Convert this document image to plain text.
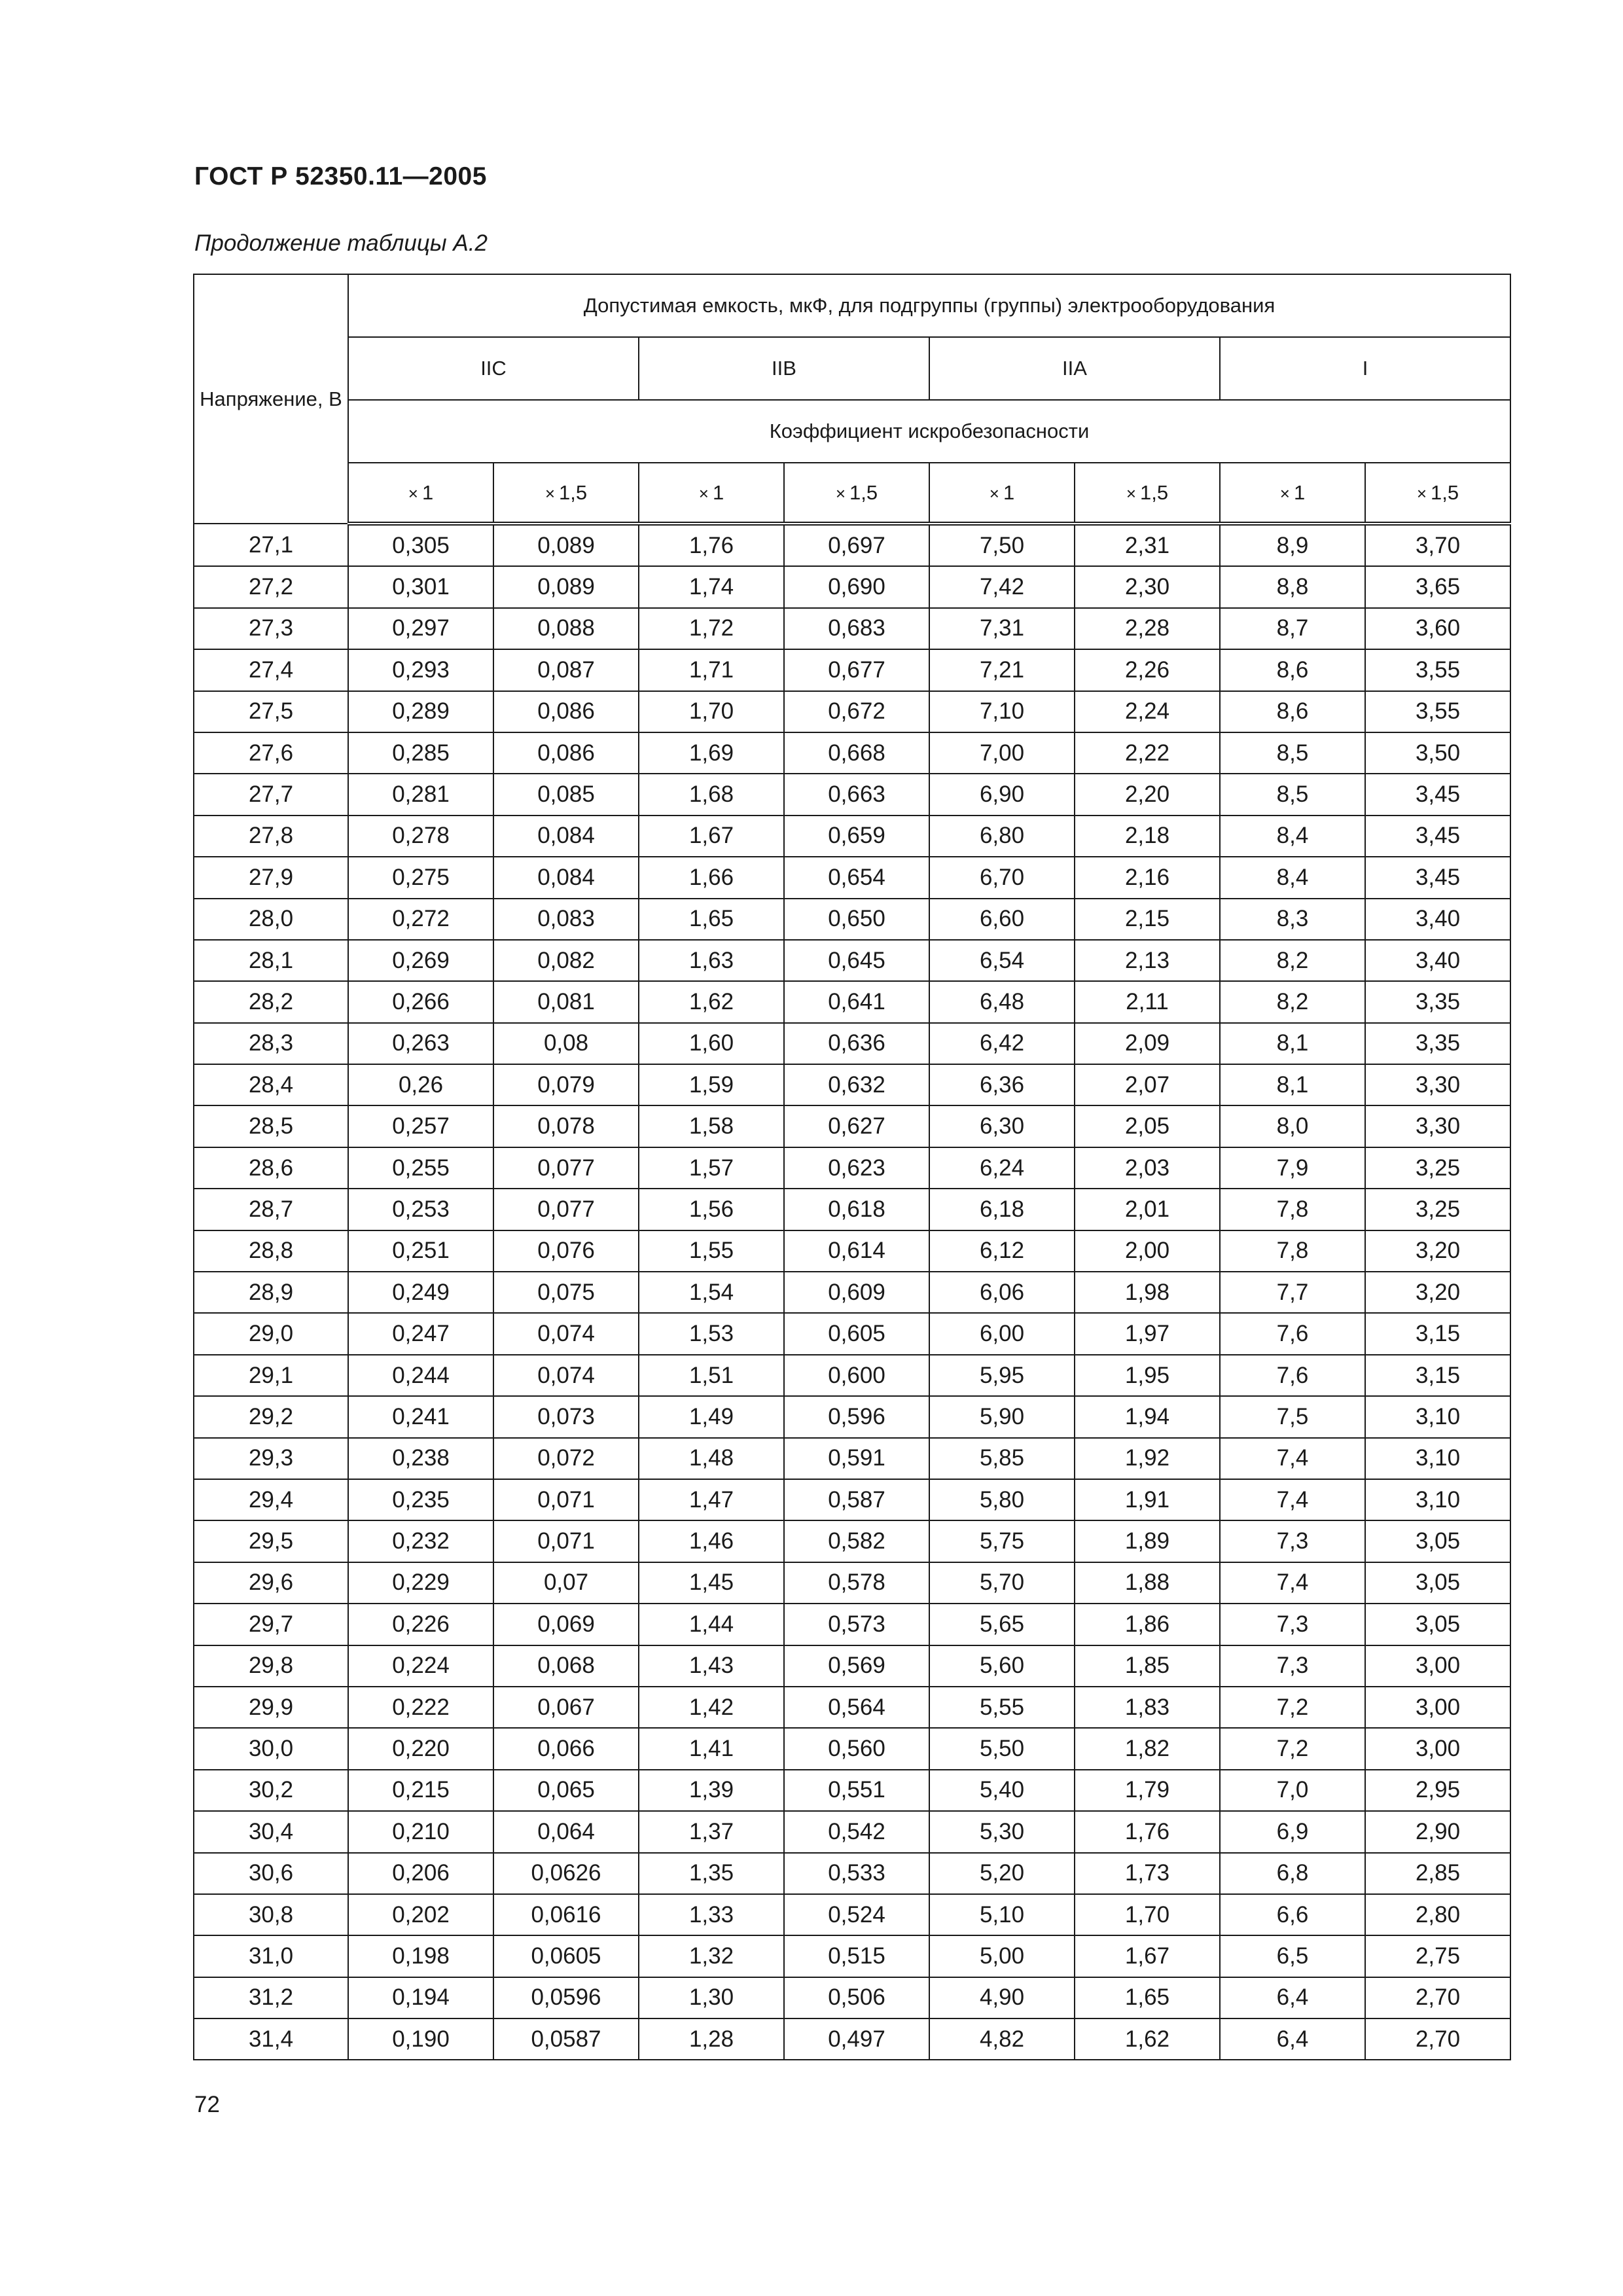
ГОСТ Р 52350.11—2005
Продолжение таблицы А.2
Напряжение, В	Допустимая емкость, мкФ, для подгруппы (группы) электрооборудования							
	IIC		IIB		IIA		I	
	Коэффициент искробезопасности							
	× 1	× 1,5	× 1	× 1,5	× 1	× 1,5	× 1	× 1,5
27,1	0,305	0,089	1,76	0,697	7,50	2,31	8,9	3,70
27,2	0,301	0,089	1,74	0,690	7,42	2,30	8,8	3,65
27,3	0,297	0,088	1,72	0,683	7,31	2,28	8,7	3,60
27,4	0,293	0,087	1,71	0,677	7,21	2,26	8,6	3,55
27,5	0,289	0,086	1,70	0,672	7,10	2,24	8,6	3,55
27,6	0,285	0,086	1,69	0,668	7,00	2,22	8,5	3,50
27,7	0,281	0,085	1,68	0,663	6,90	2,20	8,5	3,45
27,8	0,278	0,084	1,67	0,659	6,80	2,18	8,4	3,45
27,9	0,275	0,084	1,66	0,654	6,70	2,16	8,4	3,45
28,0	0,272	0,083	1,65	0,650	6,60	2,15	8,3	3,40
28,1	0,269	0,082	1,63	0,645	6,54	2,13	8,2	3,40
28,2	0,266	0,081	1,62	0,641	6,48	2,11	8,2	3,35
28,3	0,263	0,08	1,60	0,636	6,42	2,09	8,1	3,35
28,4	0,26	0,079	1,59	0,632	6,36	2,07	8,1	3,30
28,5	0,257	0,078	1,58	0,627	6,30	2,05	8,0	3,30
28,6	0,255	0,077	1,57	0,623	6,24	2,03	7,9	3,25
28,7	0,253	0,077	1,56	0,618	6,18	2,01	7,8	3,25
28,8	0,251	0,076	1,55	0,614	6,12	2,00	7,8	3,20
28,9	0,249	0,075	1,54	0,609	6,06	1,98	7,7	3,20
29,0	0,247	0,074	1,53	0,605	6,00	1,97	7,6	3,15
29,1	0,244	0,074	1,51	0,600	5,95	1,95	7,6	3,15
29,2	0,241	0,073	1,49	0,596	5,90	1,94	7,5	3,10
29,3	0,238	0,072	1,48	0,591	5,85	1,92	7,4	3,10
29,4	0,235	0,071	1,47	0,587	5,80	1,91	7,4	3,10
29,5	0,232	0,071	1,46	0,582	5,75	1,89	7,3	3,05
29,6	0,229	0,07	1,45	0,578	5,70	1,88	7,4	3,05
29,7	0,226	0,069	1,44	0,573	5,65	1,86	7,3	3,05
29,8	0,224	0,068	1,43	0,569	5,60	1,85	7,3	3,00
29,9	0,222	0,067	1,42	0,564	5,55	1,83	7,2	3,00
30,0	0,220	0,066	1,41	0,560	5,50	1,82	7,2	3,00
30,2	0,215	0,065	1,39	0,551	5,40	1,79	7,0	2,95
30,4	0,210	0,064	1,37	0,542	5,30	1,76	6,9	2,90
30,6	0,206	0,0626	1,35	0,533	5,20	1,73	6,8	2,85
30,8	0,202	0,0616	1,33	0,524	5,10	1,70	6,6	2,80
31,0	0,198	0,0605	1,32	0,515	5,00	1,67	6,5	2,75
31,2	0,194	0,0596	1,30	0,506	4,90	1,65	6,4	2,70
31,4	0,190	0,0587	1,28	0,497	4,82	1,62	6,4	2,70
72
